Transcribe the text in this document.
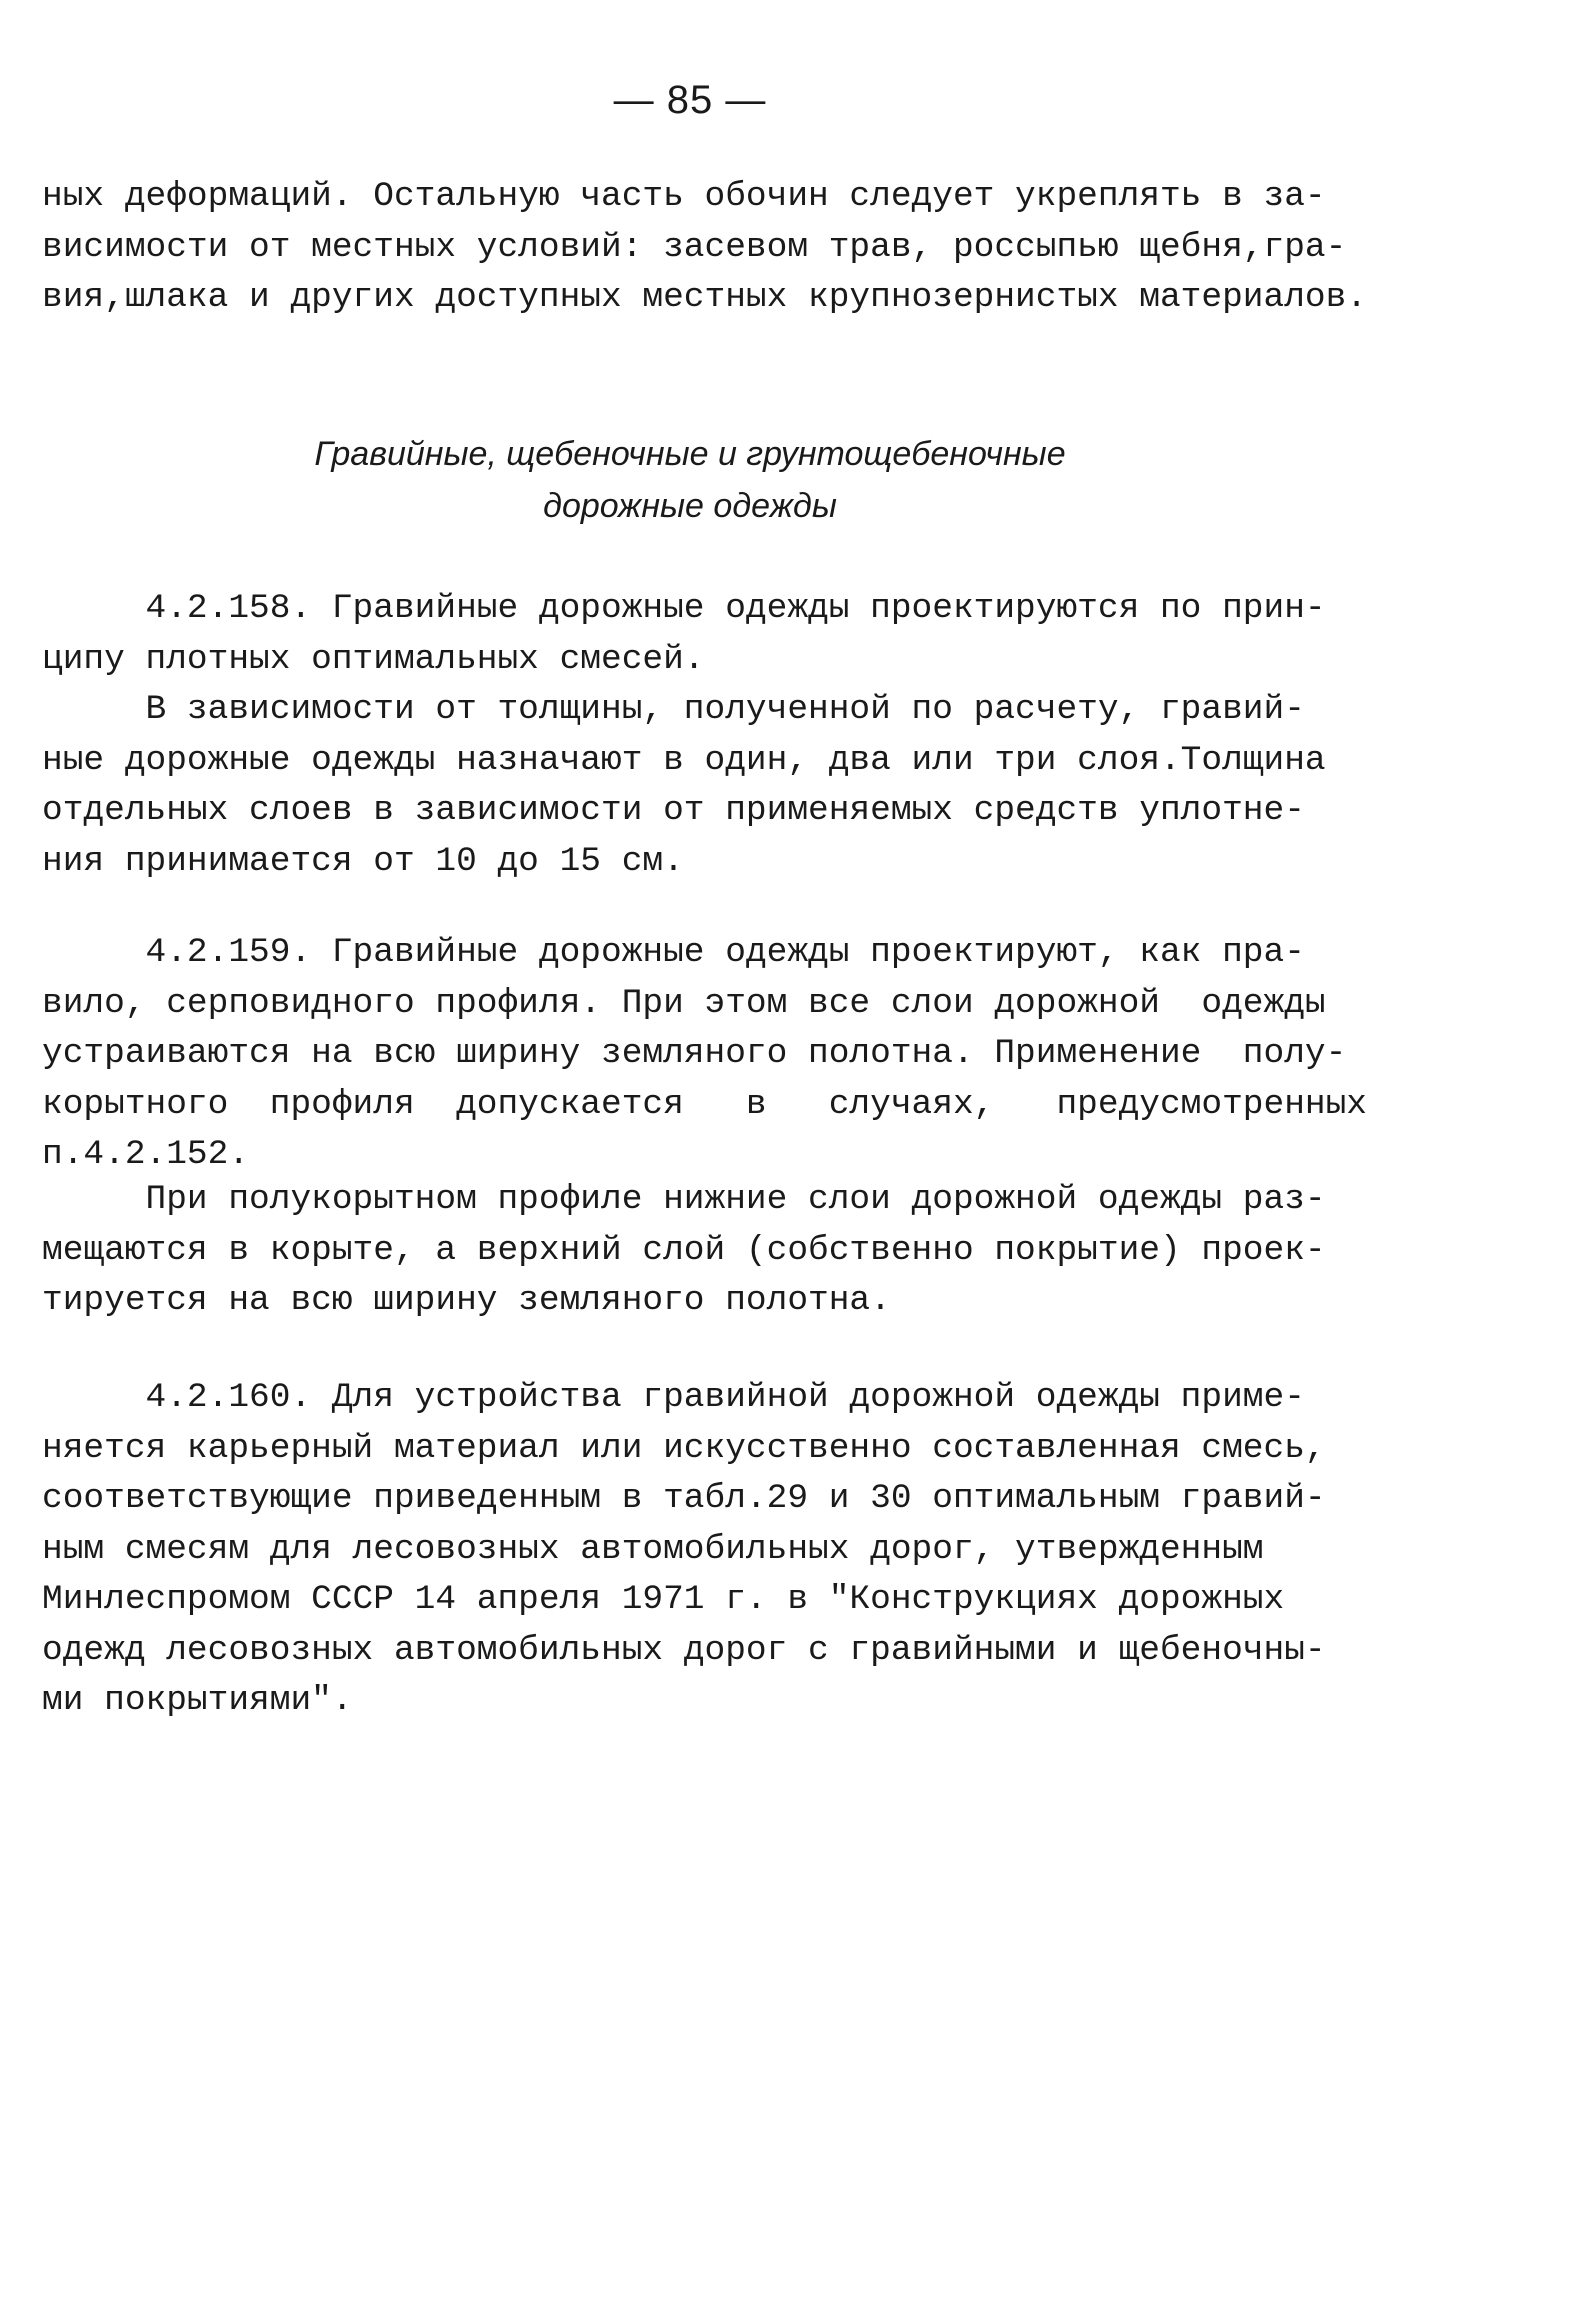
— 85 —
ных деформаций. Остальную часть обочин следует укреплять в за-
висимости от местных условий: засевом трав, россыпью щебня,гра-
вия,шлака и других доступных местных крупнозернистых материалов.
Гравийные, щебеночные и грунтощебеночные
дорожные одежды
4.2.158. Гравийные дорожные одежды проектируются по прин-
ципу плотных оптимальных смесей.
В зависимости от толщины, полученной по расчету, гравий-
ные дорожные одежды назначают в один, два или три слоя.Толщина
отдельных слоев в зависимости от применяемых средств уплотне-
ния принимается от 10 до 15 см.
4.2.159. Гравийные дорожные одежды проектируют, как пра-
вило, серповидного профиля. При этом все слои дорожной  одежды
устраиваются на всю ширину земляного полотна. Применение  полу-
корытного  профиля  допускается   в   случаях,   предусмотренных
п.4.2.152.
При полукорытном профиле нижние слои дорожной одежды раз-
мещаются в корыте, а верхний слой (собственно покрытие) проек-
тируется на всю ширину земляного полотна.
4.2.160. Для устройства гравийной дорожной одежды приме-
няется карьерный материал или искусственно составленная смесь,
соответствующие приведенным в табл.29 и 30 оптимальным гравий-
ным смесям для лесовозных автомобильных дорог, утвержденным
Минлеспромом СССР 14 апреля 1971 г. в "Конструкциях дорожных
одежд лесовозных автомобильных дорог с гравийными и щебеночны-
ми покрытиями".
